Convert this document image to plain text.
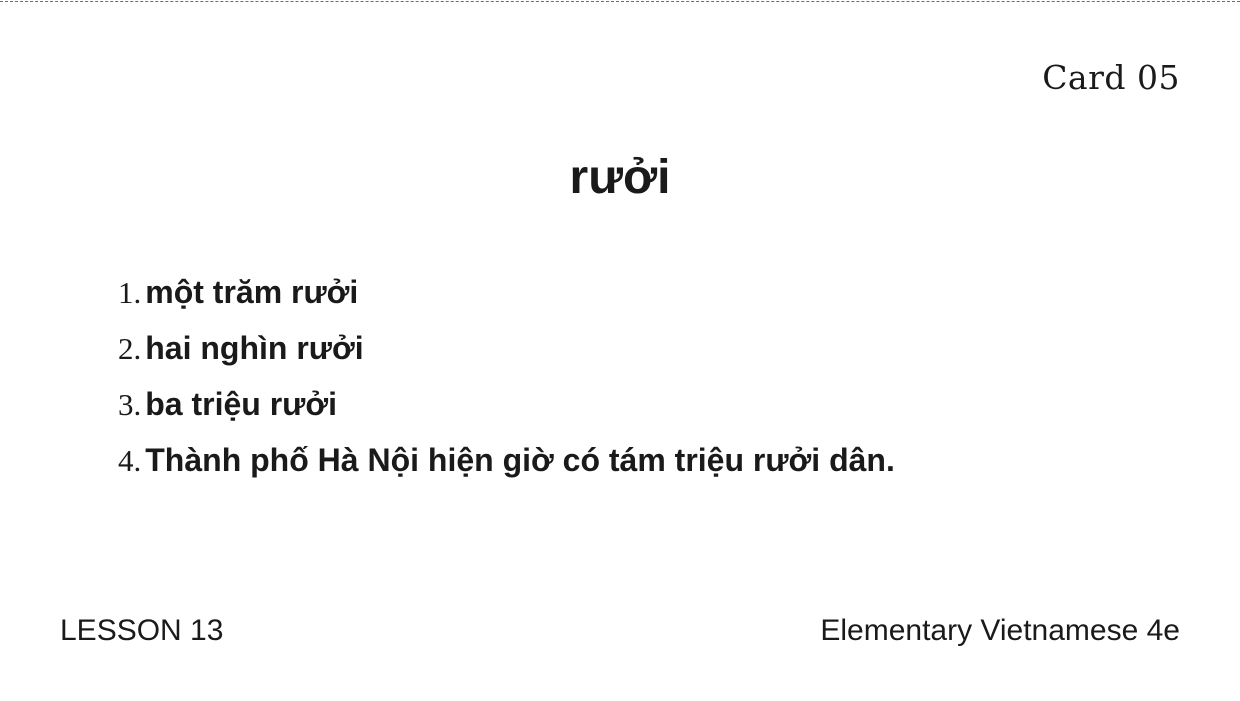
Card 05
rưởi
1. một trăm rưởi
2. hai nghìn rưởi
3. ba triệu rưởi
4. Thành phố Hà Nội hiện giờ có tám triệu rưởi dân.
LESSON 13	Elementary Vietnamese 4e
